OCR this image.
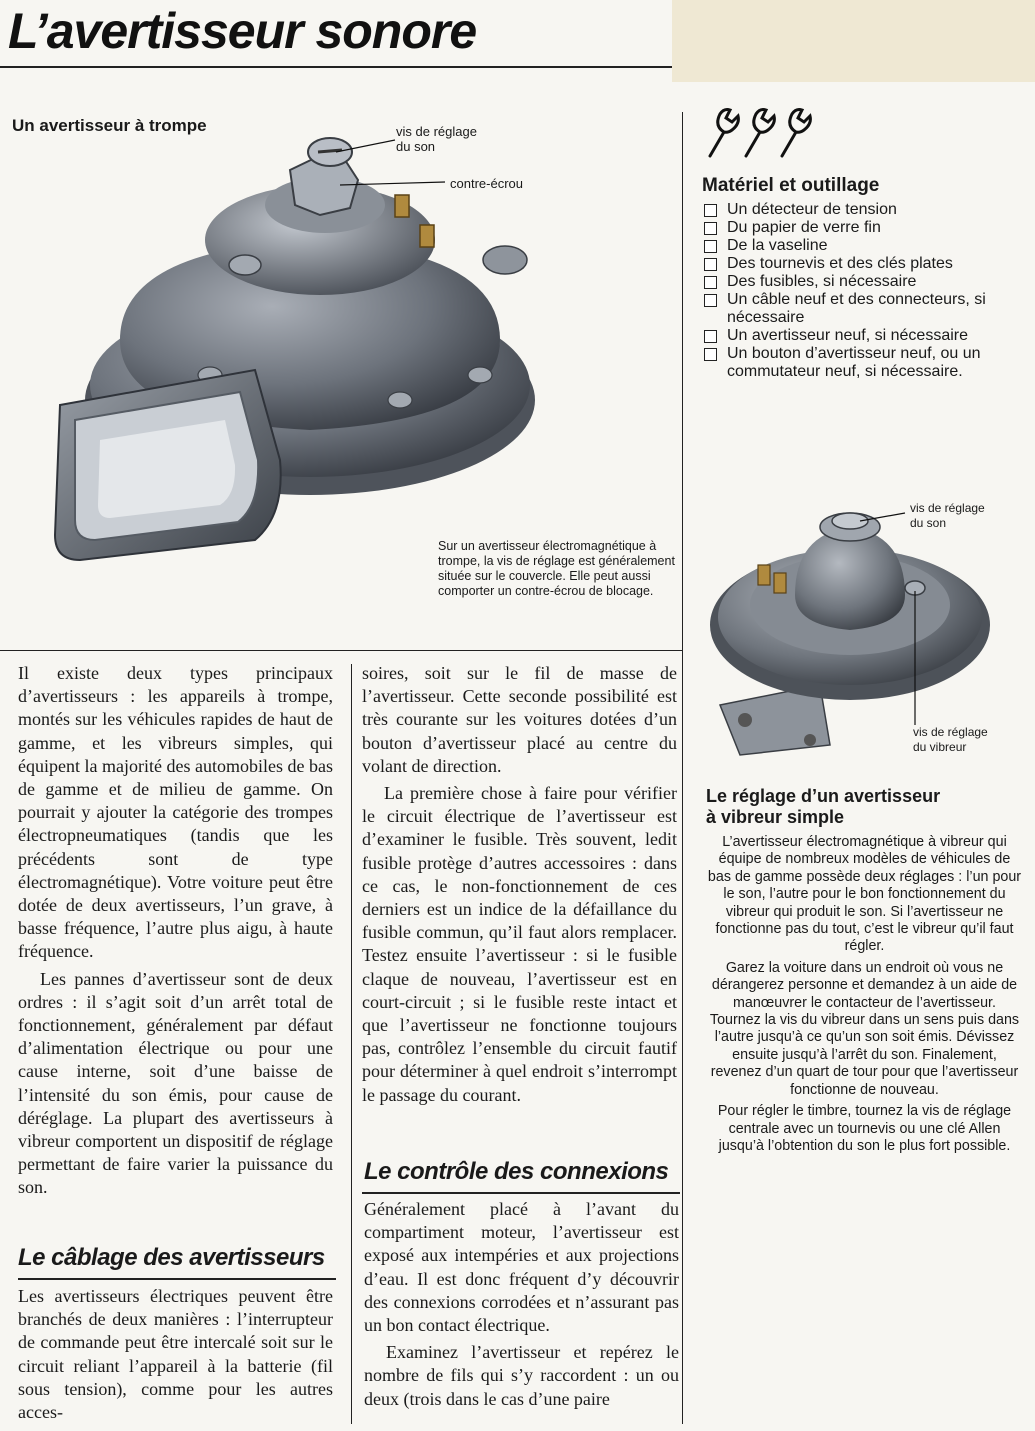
L’avertisseur sonore
Un avertisseur à trompe	vis de réglage
du son
contre-écrou
Sur un avertisseur électromagnétique à trompe, la vis de réglage est généralement située sur le couvercle. Elle peut aussi comporter un contre-écrou de blocage.

Il existe deux types principaux d’avertisseurs : les appareils à trompe, montés sur les véhicules rapides de haut de gamme, et les vibreurs simples, qui équipent la majorité des automobiles de bas de gamme et de milieu de gamme. On pourrait y ajouter la catégorie des trompes électropneumatiques (tandis que les précédents sont de type électromagnétique). Votre voiture peut être dotée de deux avertisseurs, l’un grave, à basse fréquence, l’autre plus aigu, à haute fréquence.

Les pannes d’avertisseur sont de deux ordres : il s’agit soit d’un arrêt total de fonctionnement, généralement par défaut d’alimentation électrique ou pour une cause interne, soit d’une baisse de l’intensité du son émis, pour cause de déréglage. La plupart des avertisseurs à vibreur comportent un dispositif de réglage permettant de faire varier la puissance du son.

Le câblage des avertisseurs

Les avertisseurs électriques peuvent être branchés de deux manières : l’interrupteur de commande peut être intercalé soit sur le circuit reliant l’appareil à la batterie (fil sous tension), comme pour les autres acces-

soires, soit sur le fil de masse de l’avertisseur. Cette seconde possibilité est très courante sur les voitures dotées d’un bouton d’avertisseur placé au centre du volant de direction.

La première chose à faire pour vérifier le circuit électrique de l’avertisseur est d’examiner le fusible. Très souvent, ledit fusible protège d’autres accessoires : dans ce cas, le non-fonctionnement de ces derniers est un indice de la défaillance du fusible commun, qu’il faut alors remplacer. Testez ensuite l’avertisseur : si le fusible claque de nouveau, l’avertisseur est en court-circuit ; si le fusible reste intact et que l’avertisseur ne fonctionne toujours pas, contrôlez l’ensemble du circuit fautif pour déterminer à quel endroit s’interrompt le passage du courant.

Le contrôle des connexions

Généralement placé à l’avant du compartiment moteur, l’avertisseur est exposé aux intempéries et aux projections d’eau. Il est donc fréquent d’y découvrir des connexions corrodées et n’assurant pas un bon contact électrique.

Examinez l’avertisseur et repérez le nombre de fils qui s’y raccordent : un ou deux (trois dans le cas d’une paire

Matériel et outillage
Un détecteur de tension
Du papier de verre fin
De la vaseline
Des tournevis et des clés plates
Des fusibles, si nécessaire
Un câble neuf et des connecteurs, si nécessaire
Un avertisseur neuf, si nécessaire
Un bouton d’avertisseur neuf, ou un commutateur neuf, si nécessaire.
vis de réglage
du son
vis de réglage
du vibreur
Le réglage d’un avertisseur
à vibreur simple

L’avertisseur électromagnétique à vibreur qui équipe de nombreux modèles de véhicules de bas de gamme possède deux réglages : l’un pour le son, l’autre pour le bon fonctionnement du vibreur qui produit le son. Si l’avertisseur ne fonctionne pas du tout, c’est le vibreur qu’il faut régler.

Garez la voiture dans un endroit où vous ne dérangerez personne et demandez à un aide de manœuvrer le contacteur de l’avertisseur. Tournez la vis du vibreur dans un sens puis dans l’autre jusqu’à ce qu’un son soit émis. Dévissez ensuite jusqu’à l’arrêt du son. Finalement, revenez d’un quart de tour pour que l’avertisseur fonctionne de nouveau.

Pour régler le timbre, tournez la vis de réglage centrale avec un tournevis ou une clé Allen jusqu’à l’obtention du son le plus fort possible.
